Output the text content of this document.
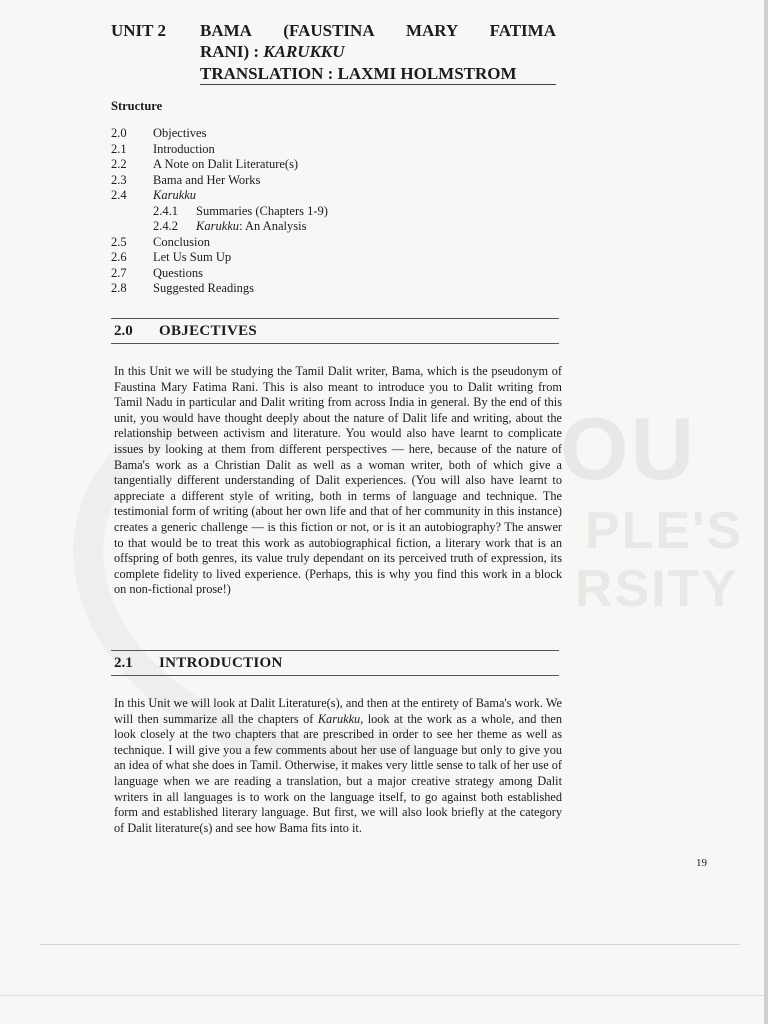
OU
PLE'S
RSITY
UNIT 2 BAMA (FAUSTINA MARY FATIMA
RANI) : KARUKKU
TRANSLATION : LAXMI HOLMSTROM
Structure
2.0 Objectives
2.1 Introduction
2.2 A Note on Dalit Literature(s)
2.3 Bama and Her Works
2.4 Karukku
2.4.1 Summaries (Chapters 1-9)
2.4.2 Karukku: An Analysis
2.5 Conclusion
2.6 Let Us Sum Up
2.7 Questions
2.8 Suggested Readings
2.0 OBJECTIVES

In this Unit we will be studying the Tamil Dalit writer, Bama, which is the pseudonym of Faustina Mary Fatima Rani. This is also meant to introduce you to Dalit writing from Tamil Nadu in particular and Dalit writing from across India in general. By the end of this unit, you would have thought deeply about the nature of Dalit life and writing, about the relationship between activism and literature. You would also have learnt to complicate issues by looking at them from different perspectives — here, because of the nature of Bama's work as a Christian Dalit as well as a woman writer, both of which give a tangentially different understanding of Dalit experiences. (You will also have learnt to appreciate a different style of writing, both in terms of language and technique. The testimonial form of writing (about her own life and that of her community in this instance) creates a generic challenge — is this fiction or not, or is it an autobiography? The answer to that would be to treat this work as autobiographical fiction, a literary work that is an offspring of both genres, its value truly dependant on its perceived truth of expression, its complete fidelity to lived experience. (Perhaps, this is why you find this work in a block on non-fictional prose!)

2.1 INTRODUCTION

In this Unit we will look at Dalit Literature(s), and then at the entirety of Bama's work. We will then summarize all the chapters of Karukku, look at the work as a whole, and then look closely at the two chapters that are prescribed in order to see her theme as well as technique. I will give you a few comments about her use of language but only to give you an idea of what she does in Tamil. Otherwise, it makes very little sense to talk of her use of language when we are reading a translation, but a major creative strategy among Dalit writers in all languages is to work on the language itself, to go against both established form and established literary language. But first, we will also look briefly at the category of Dalit literature(s) and see how Bama fits into it.

19
